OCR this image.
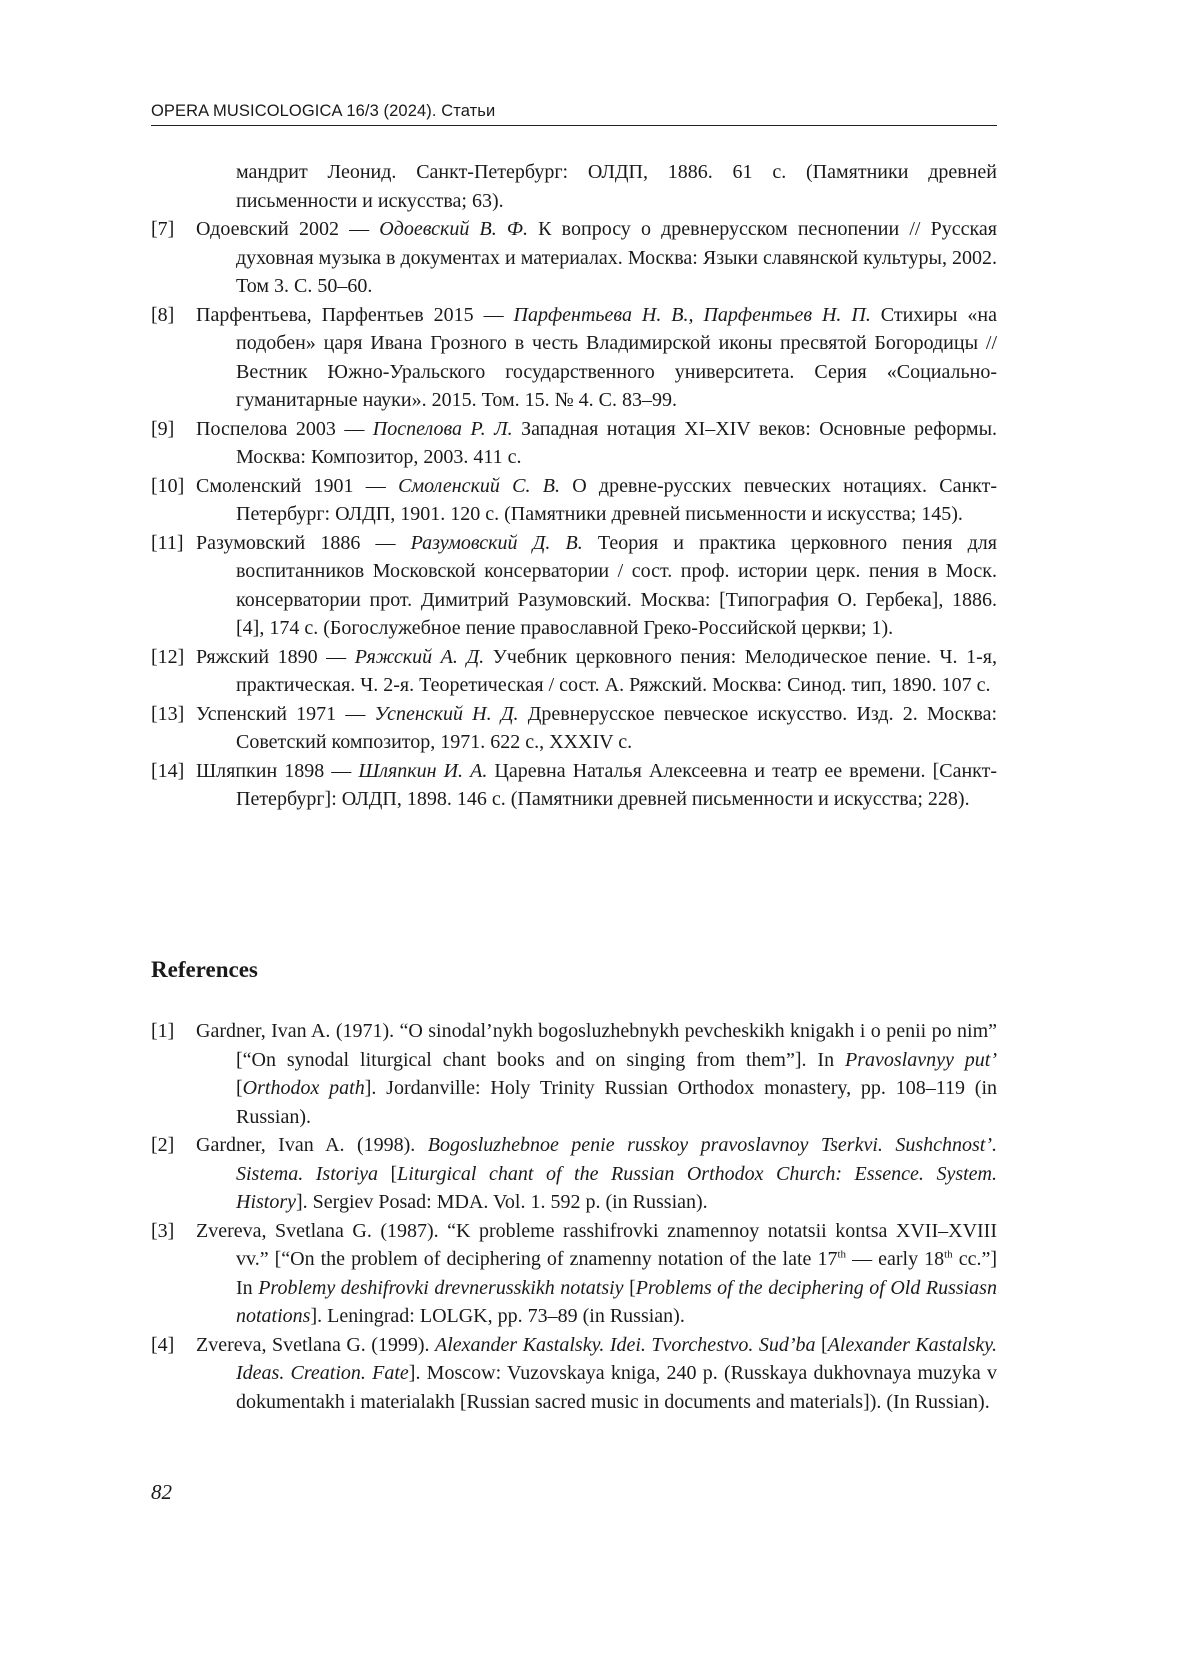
OPERA MUSICOLOGICA 16/3 (2024). Статьи

мандрит Леонид. Санкт-Петербург: ОЛДП, 1886. 61 с. (Памятники древней письменности и искусства; 63).

[7] Одоевский 2002 — Одоевский В. Ф. К вопросу о древнерусском песнопении // Русская духовная музыка в документах и материалах. Москва: Языки славянской культуры, 2002. Том 3. С. 50–60.

[8] Парфентьева, Парфентьев 2015 — Парфентьева Н. В., Парфентьев Н. П. Стихиры «на подобен» царя Ивана Грозного в честь Владимирской иконы пресвятой Богородицы // Вестник Южно-Уральского государственного университета. Серия «Социально-гуманитарные науки». 2015. Том. 15. № 4. С. 83–99.

[9] Поспелова 2003 — Поспелова Р. Л. Западная нотация XI–XIV веков: Основные реформы. Москва: Композитор, 2003. 411 с.

[10] Смоленский 1901 — Смоленский С. В. О древне-русских певческих нотациях. Санкт-Петербург: ОЛДП, 1901. 120 с. (Памятники древней письменности и искусства; 145).

[11] Разумовский 1886 — Разумовский Д. В. Теория и практика церковного пения для воспитанников Московской консерватории / сост. проф. истории церк. пения в Моск. консерватории прот. Димитрий Разумовский. Москва: [Типография О. Гербека], 1886. [4], 174 с. (Богослужебное пение православной Греко-Российской церкви; 1).

[12] Ряжский 1890 — Ряжский А. Д. Учебник церковного пения: Мелодическое пение. Ч. 1-я, практическая. Ч. 2-я. Теоретическая / сост. А. Ряжский. Москва: Синод. тип, 1890. 107 с.

[13] Успенский 1971 — Успенский Н. Д. Древнерусское певческое искусство. Изд. 2. Москва: Советский композитор, 1971. 622 с., XXXIV с.

[14] Шляпкин 1898 — Шляпкин И. А. Царевна Наталья Алексеевна и театр ее времени. [Санкт-Петербург]: ОЛДП, 1898. 146 с. (Памятники древней письменности и искусства; 228).

References

[1] Gardner, Ivan A. (1971). “O sinodal’nykh bogosluzhebnykh pevcheskikh knigakh i o penii po nim” [“On synodal liturgical chant books and on singing from them”]. In Pravoslavnyy put’ [Orthodox path]. Jordanville: Holy Trinity Russian Orthodox monastery, pp. 108–119 (in Russian).

[2] Gardner, Ivan A. (1998). Bogosluzhebnoe penie russkoy pravoslavnoy Tserkvi. Sushchnost’. Sistema. Istoriya [Liturgical chant of the Russian Orthodox Church: Essence. System. History]. Sergiev Posad: MDA. Vol. 1. 592 p. (in Russian).

[3] Zvereva, Svetlana G. (1987). “K probleme rasshifrovki znamennoy notatsii kontsa XVII–XVIII vv.” [“On the problem of deciphering of znamenny notation of the late 17th — early 18th cc.”] In Problemy deshifrovki drevnerusskikh notatsiy [Problems of the deciphering of Old Russiasn notations]. Leningrad: LOLGK, pp. 73–89 (in Russian).

[4] Zvereva, Svetlana G. (1999). Alexander Kastalsky. Idei. Tvorchestvo. Sud’ba [Alexander Kastalsky. Ideas. Creation. Fate]. Moscow: Vuzovskaya kniga, 240 p. (Russkaya dukhovnaya muzyka v dokumentakh i materialakh [Russian sacred music in documents and materials]). (In Russian).

82
